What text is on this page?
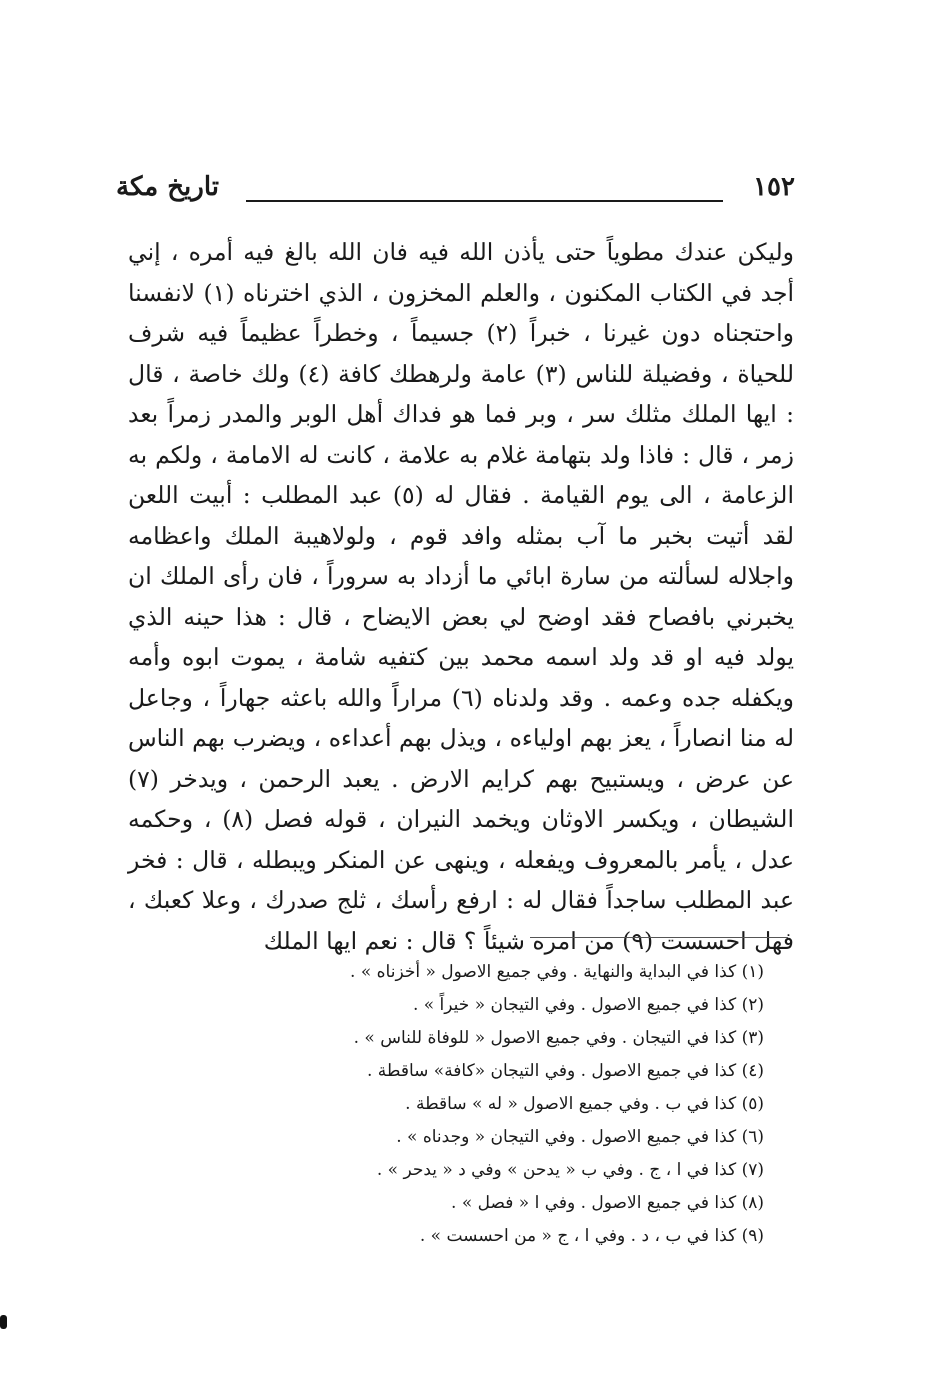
١٥٢
تاريخ مكة

وليكن عندك مطوياً حتى يأذن الله فيه فان الله بالغ فيه أمره ، إني أجد في الكتاب المكنون ، والعلم المخزون ، الذي اخترناه (١) لانفسنا واحتجناه دون غيرنا ، خبراً (٢) جسيماً ، وخطراً عظيماً فيه شرف للحياة ، وفضيلة للناس (٣) عامة ولرهطك كافة (٤) ولك خاصة ، قال : ايها الملك مثلك سر ، وبر فما هو فداك أهل الوبر والمدر زمراً بعد زمر ، قال : فاذا ولد بتهامة غلام به علامة ، كانت له الامامة ، ولكم به الزعامة ، الى يوم القيامة . فقال له (٥) عبد المطلب : أبيت اللعن لقد أتيت بخبر ما آب بمثله وافد قوم ، ولولاهيبة الملك واعظامه واجلاله لسألته من سارة ابائي ما أزداد به سروراً ، فان رأى الملك ان يخبرني بافصاح فقد اوضح لي بعض الايضاح ، قال : هذا حينه الذي يولد فيه او قد ولد اسمه محمد بين كتفيه شامة ، يموت ابوه وأمه ويكفله جده وعمه . وقد ولدناه (٦) مراراً والله باعثه جهاراً ، وجاعل له منا انصاراً ، يعز بهم اولياءه ، ويذل بهم أعداءه ، ويضرب بهم الناس عن عرض ، ويستبيح بهم كرايم الارض . يعبد الرحمن ، ويدخر (٧) الشيطان ، ويكسر الاوثان ويخمد النيران ، قوله فصل (٨) ، وحكمه عدل ، يأمر بالمعروف ويفعله ، وينهى عن المنكر ويبطله ، قال : فخر عبد المطلب ساجداً فقال له : ارفع رأسك ، ثلج صدرك ، وعلا كعبك ، فهل احسست (٩) من امره شيئاً ؟ قال : نعم ايها الملك

(١) كذا في البداية والنهاية . وفي جميع الاصول « أخزناه » .
(٢) كذا في جميع الاصول . وفي التيجان « خيراً » .
(٣) كذا في التيجان . وفي جميع الاصول « للوفاة للناس » .
(٤) كذا في جميع الاصول . وفي التيجان «كافة» ساقطة .
(٥) كذا في ب . وفي جميع الاصول « له » ساقطة .
(٦) كذا في جميع الاصول . وفي التيجان « وجدناه » .
(٧) كذا في ا ، ج . وفي ب « يدحن » وفي د « يدحر » .
(٨) كذا في جميع الاصول . وفي ا « فصل » .
(٩) كذا في ب ، د . وفي ا ، ج « من احسست » .
